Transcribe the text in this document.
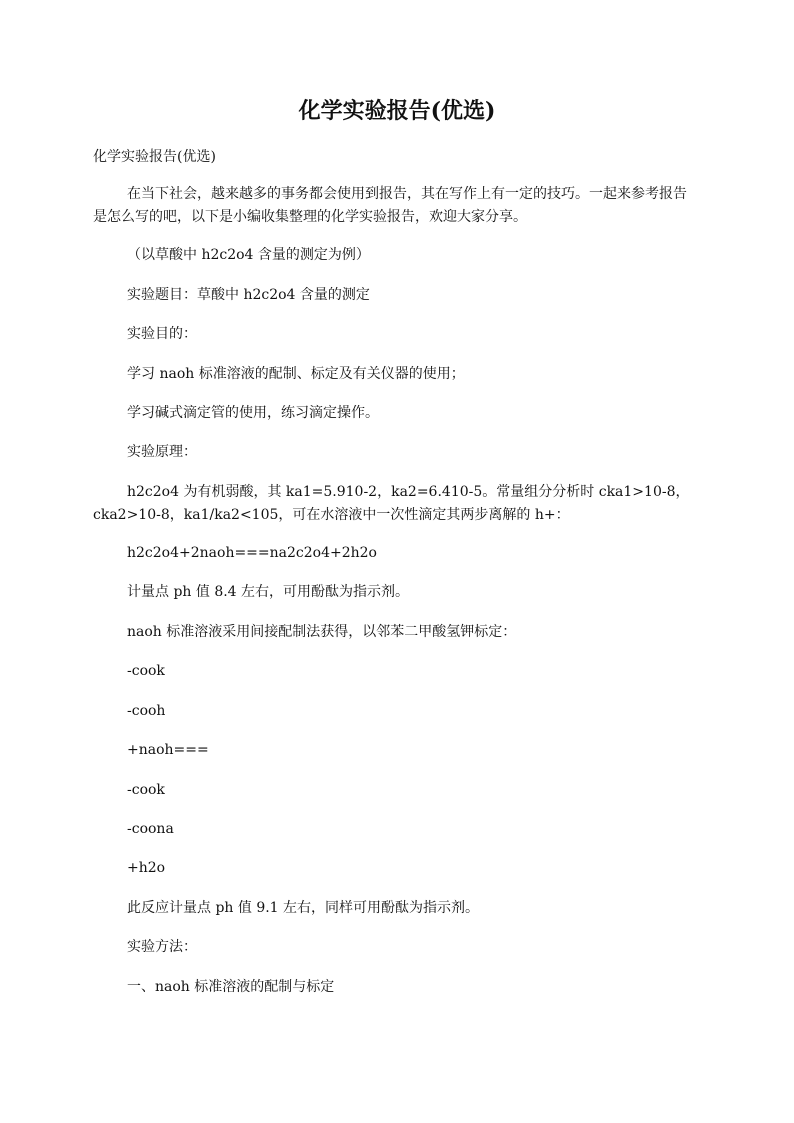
化学实验报告(优选)
化学实验报告(优选)
在当下社会，越来越多的事务都会使用到报告，其在写作上有一定的技巧。一起来参考报告是怎么写的吧，以下是小编收集整理的化学实验报告，欢迎大家分享。
（以草酸中 h2c2o4 含量的测定为例）
实验题目：草酸中 h2c2o4 含量的测定
实验目的：
学习 naoh 标准溶液的配制、标定及有关仪器的使用；
学习碱式滴定管的使用，练习滴定操作。
实验原理：
h2c2o4 为有机弱酸，其 ka1=5.910-2，ka2=6.410-5。常量组分分析时 cka1>10-8，cka2>10-8，ka1/ka2<105，可在水溶液中一次性滴定其两步离解的 h+：
h2c2o4+2naoh===na2c2o4+2h2o
计量点 ph 值 8.4 左右，可用酚酞为指示剂。
naoh 标准溶液采用间接配制法获得，以邻苯二甲酸氢钾标定：
-cook
-cooh
+naoh===
-cook
-coona
+h2o
此反应计量点 ph 值 9.1 左右，同样可用酚酞为指示剂。
实验方法：
一、naoh 标准溶液的配制与标定
